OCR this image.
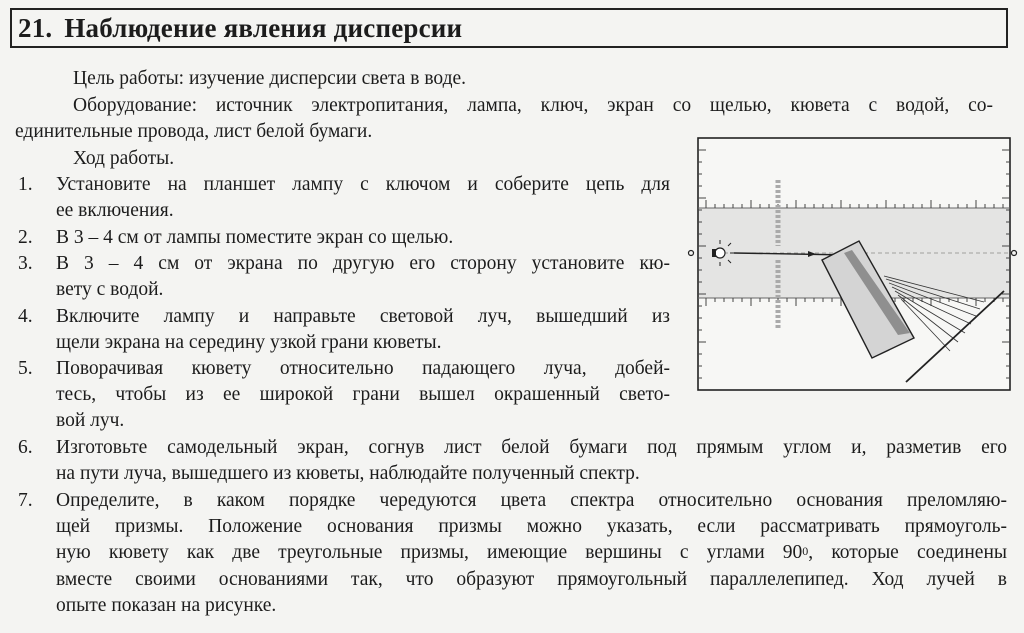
21. Наблюдение явления дисперсии
Цель работы: изучение дисперсии света в воде.
Оборудование: источник электропитания, лампа, ключ, экран со щелью, кювета с водой, со-
единительные провода, лист белой бумаги.
Ход работы.
1. Установите на планшет лампу с ключом и соберите цепь для
ее включения.
2. В 3 – 4 см от лампы поместите экран со щелью.
3. В 3 – 4 см от экрана по другую его сторону установите кю-
вету с водой.
4. Включите лампу и направьте световой луч, вышедший из
щели экрана на середину узкой грани кюветы.
5. Поворачивая кювету относительно падающего луча, добей-
тесь, чтобы из ее широкой грани вышел окрашенный свето-
вой луч.
6. Изготовьте самодельный экран, согнув лист белой бумаги под прямым углом и, разметив его
на пути луча, вышедшего из кюветы, наблюдайте полученный спектр.
7. Определите, в каком порядке чередуются цвета спектра относительно основания преломляю-
щей призмы. Положение основания призмы можно указать, если рассматривать прямоуголь-
ную кювету как две треугольные призмы, имеющие вершины с углами $90^0$, которые соединены
вместе своими основаниями так, что образуют прямоугольный параллелепипед. Ход лучей в
опыте показан на рисунке.
